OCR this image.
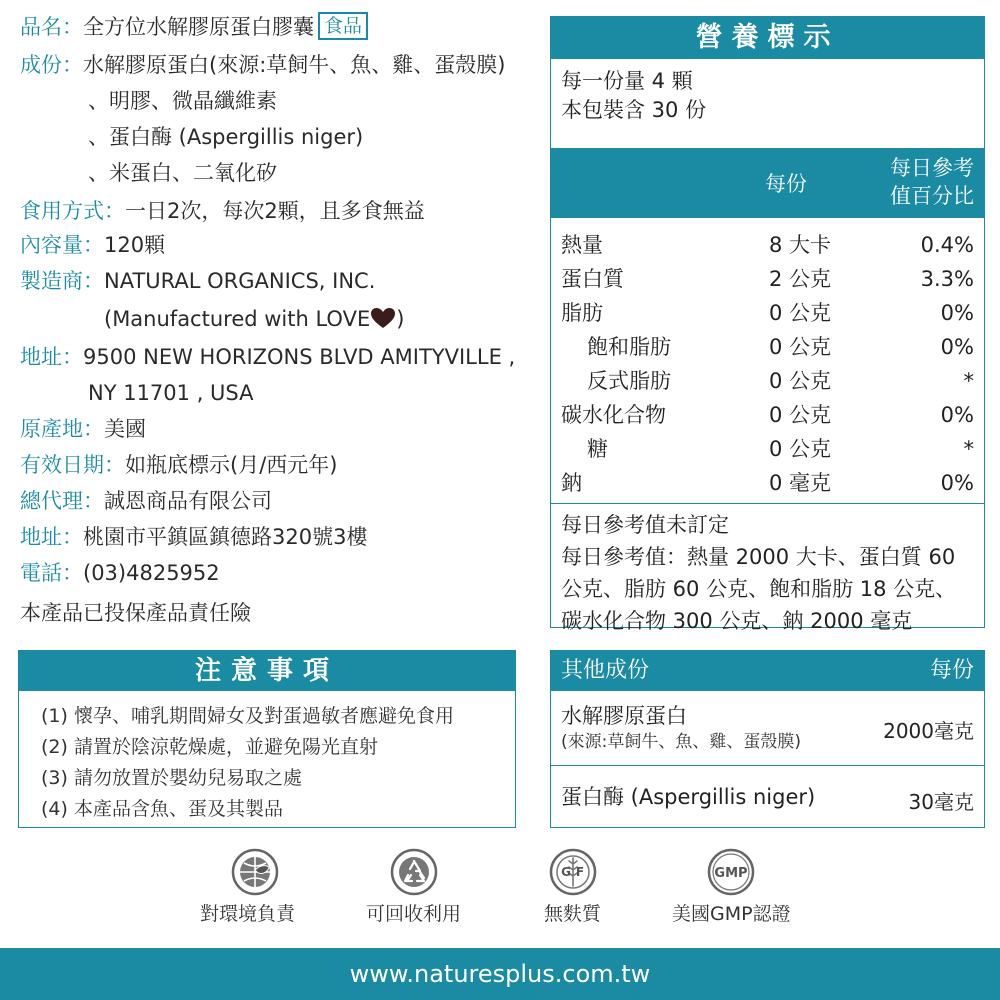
品名：全方位水解膠原蛋白膠囊 食品
成份：水解膠原蛋白(來源:草飼牛、魚、雞、蛋殼膜)
、明膠、微晶纖維素
、蛋白酶 (Aspergillis niger)
、米蛋白、二氧化矽
食用方式：一日2次，每次2顆，且多食無益
內容量：120顆
製造商：NATURAL ORGANICS, INC.
(Manufactured with LOVE )
地址：9500 NEW HORIZONS BLVD AMITYVILLE ,
NY 11701 , USA
原產地：美國
有效日期：如瓶底標示(月/西元年)
總代理：誠恩商品有限公司
地址：桃園市平鎮區鎮德路320號3樓
電話：(03)4825952
本產品已投保產品責任險
注意事項
(1) 懷孕、哺乳期間婦女及對蛋過敏者應避免食用
(2) 請置於陰涼乾燥處，並避免陽光直射
(3) 請勿放置於嬰幼兒易取之處
(4) 本產品含魚、蛋及其製品
營養標示
每一份量 4 顆
本包裝含 30 份
每份
每日參考
值百分比
熱量	8 大卡	0.4%
蛋白質	2 公克	3.3%
脂肪	0 公克	0%
飽和脂肪	0 公克	0%
反式脂肪	0 公克	*
碳水化合物	0 公克	0%
糖	0 公克	*
鈉	0 毫克	0%
每日參考值未訂定
每日參考值：熱量 2000 大卡、蛋白質 60
公克、脂肪 60 公克、飽和脂肪 18 公克、
碳水化合物 300 公克、鈉 2000 毫克
其他成份	每份
水解膠原蛋白
(來源:草飼牛、魚、雞、蛋殼膜)	2000毫克
蛋白酶 (Aspergillis niger)	30毫克
對環境負責	可回收利用
G F
無麩質
GMP
美國GMP認證
www.naturesplus.com.tw
